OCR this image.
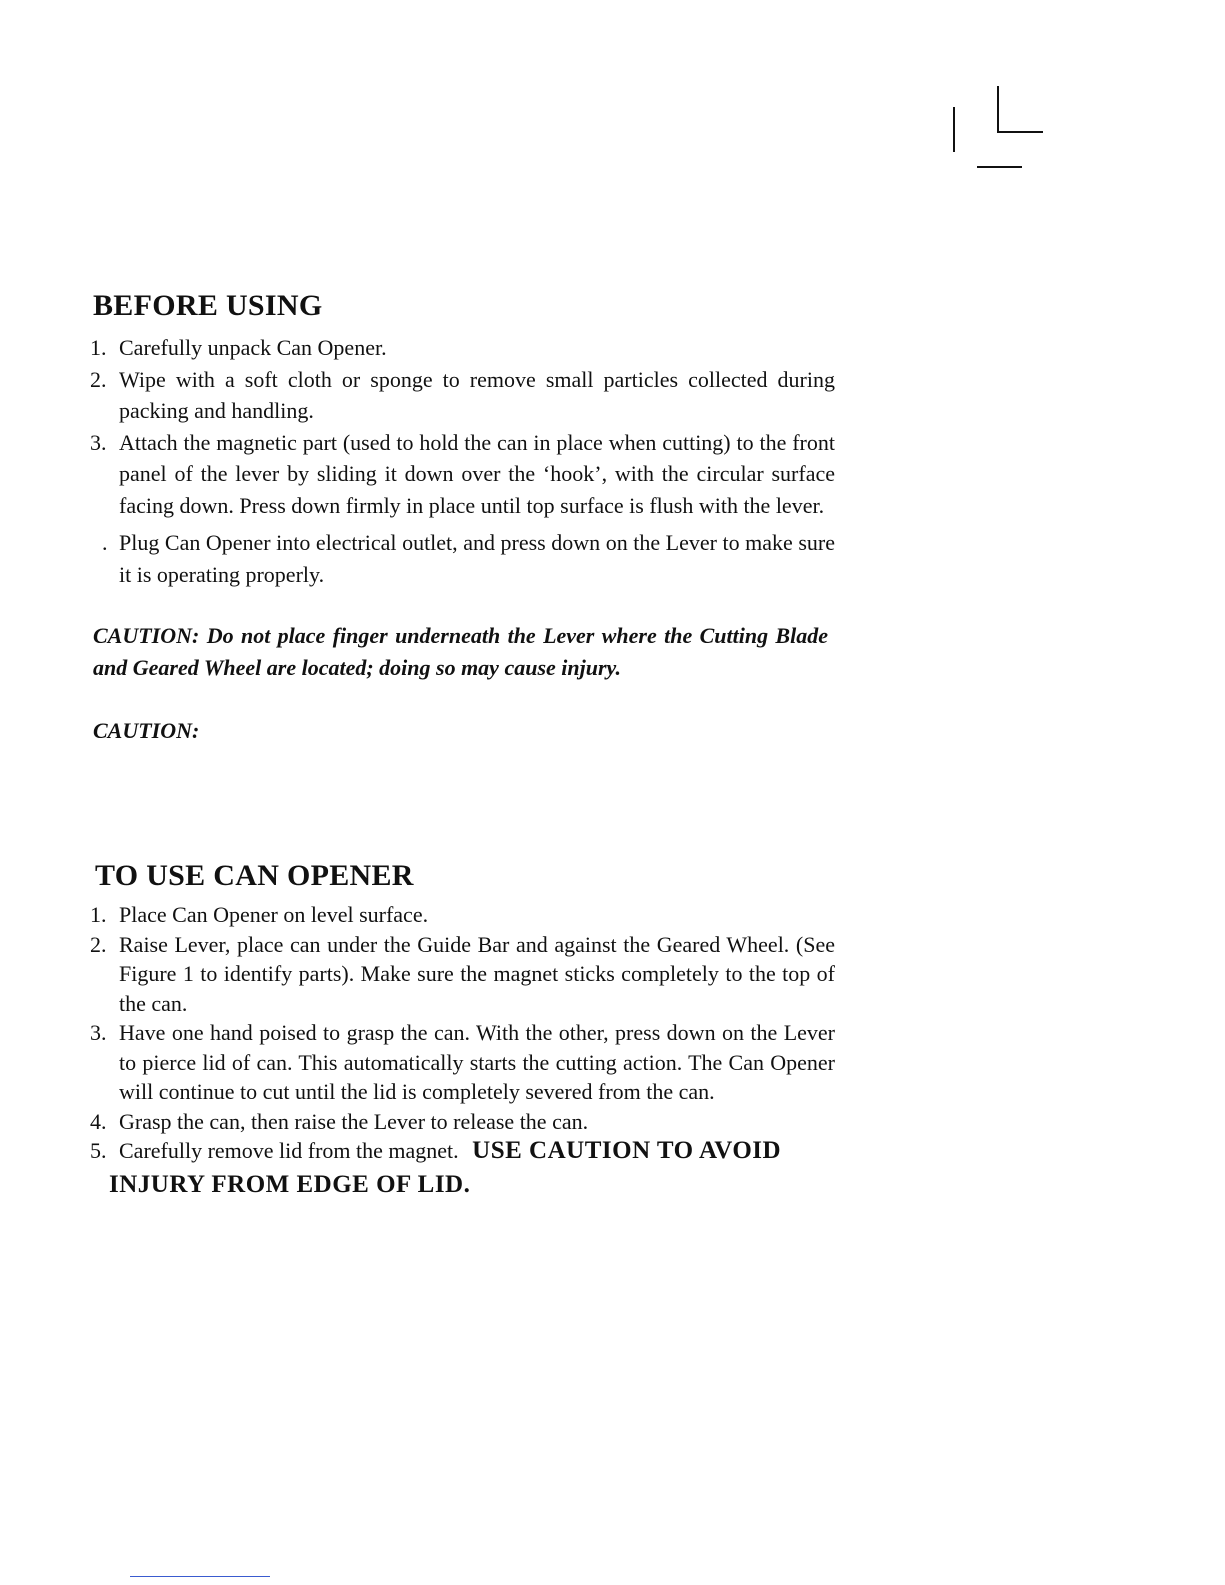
BEFORE USING
1. Carefully unpack Can Opener.
2. Wipe with a soft cloth or sponge to remove small particles collected during packing and handling.
3. Attach the magnetic part (used to hold the can in place when cutting) to the front panel of the lever by sliding it down over the ‘hook’, with the circular surface facing down. Press down firmly in place until top surface is flush with the lever.
. Plug Can Opener into electrical outlet, and press down on the Lever to make sure it is operating properly.

CAUTION: Do not place finger underneath the Lever where the Cutting Blade and Geared Wheel are located; doing so may cause injury.

CAUTION:

TO USE CAN OPENER
1. Place Can Opener on level surface.
2. Raise Lever, place can under the Guide Bar and against the Geared Wheel. (See Figure 1 to identify parts). Make sure the magnet sticks completely to the top of the can.
3. Have one hand poised to grasp the can. With the other, press down on the Lever to pierce lid of can. This automatically starts the cutting action. The Can Opener will continue to cut until the lid is completely severed from the can.
4. Grasp the can, then raise the Lever to release the can.
5. Carefully remove lid from the magnet. USE CAUTION TO AVOID
INJURY FROM EDGE OF LID.
